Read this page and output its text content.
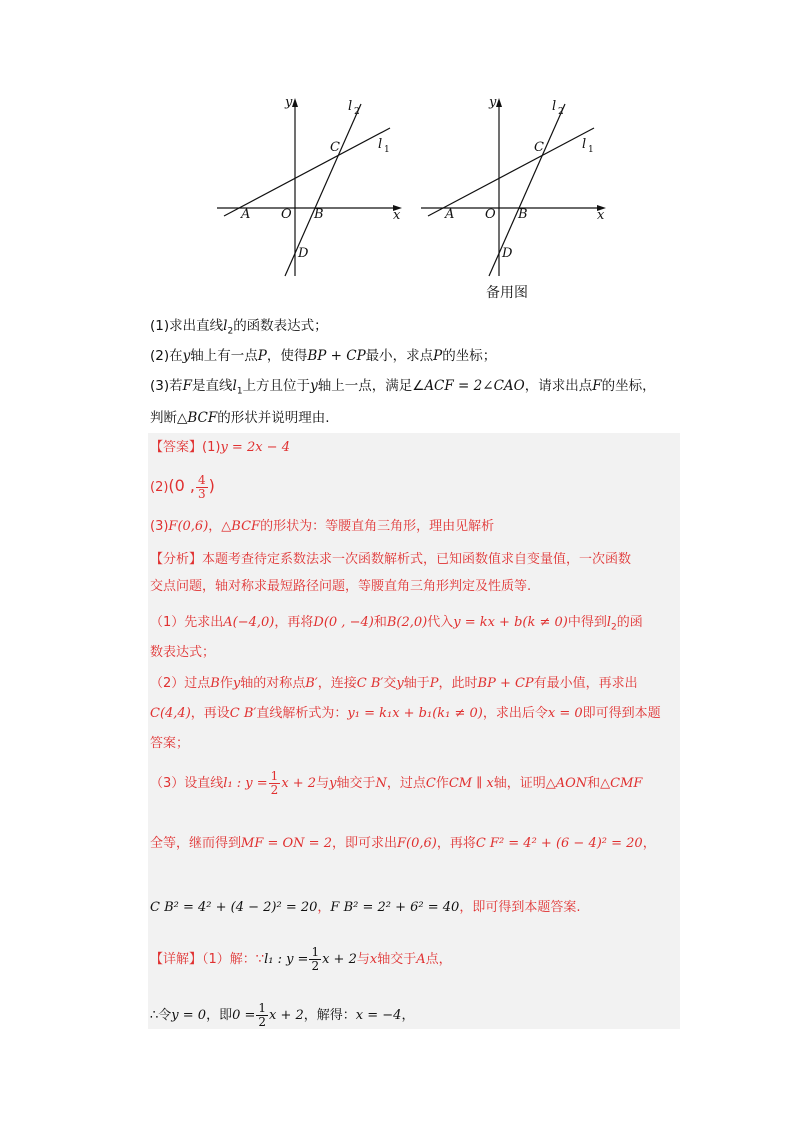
y
x
O
A	B
C
D
l 1
l 2
y
x
O
A	B
C
D
l 1
l 2
备用图
(1)求出直线$l_2$的函数表达式；
(2)在y轴上有一点P，使得BP + CP最小，求点P的坐标；
(3)若F是直线$l_1$上方且位于y轴上一点，满足∠ACF = 2∠CAO，请求出点F的坐标，
判断△BCF的形状并说明理由.
【答案】(1)y = 2x − 4
(2)(0 , $\frac{4}{3}$ )
(3)F(0,6)，△BCF的形状为：等腰直角三角形，理由见解析
【分析】本题考查待定系数法求一次函数解析式，已知函数值求自变量值，一次函数
交点问题，轴对称求最短路径问题，等腰直角三角形判定及性质等.
（1）先求出A(−4,0)，再将D(0 , −4)和B(2,0)代入y = kx + b(k ≠ 0)中得到$l_2$的函
数表达式；
（2）过点B作y轴的对称点B′，连接C B′交y轴于P，此时BP + CP有最小值，再求出
C(4,4)，再设C B′直线解析式为：y₁ = k₁x + b₁(k₁ ≠ 0)，求出后令x = 0即可得到本题
答案；
（3）设直线l₁ : $y = \frac{1}{2}$ x + 2与y轴交于N，过点C作CM ∥ x轴，证明△AON和△CMF
全等，继而得到MF = ON = 2，即可求出F(0,6)，再将C F² = 4² + (6 − 4)² = 20，
C B² = 4² + (4 − 2)² = 20，F B² = 2² + 6² = 40，即可得到本题答案.
【详解】（1）解：∵l₁ : $y = \frac{1}{2}$ x + 2与x轴交于A点，
∴令y = 0，即$0 = \frac{1}{2}$ x + 2，解得：x = −4，
